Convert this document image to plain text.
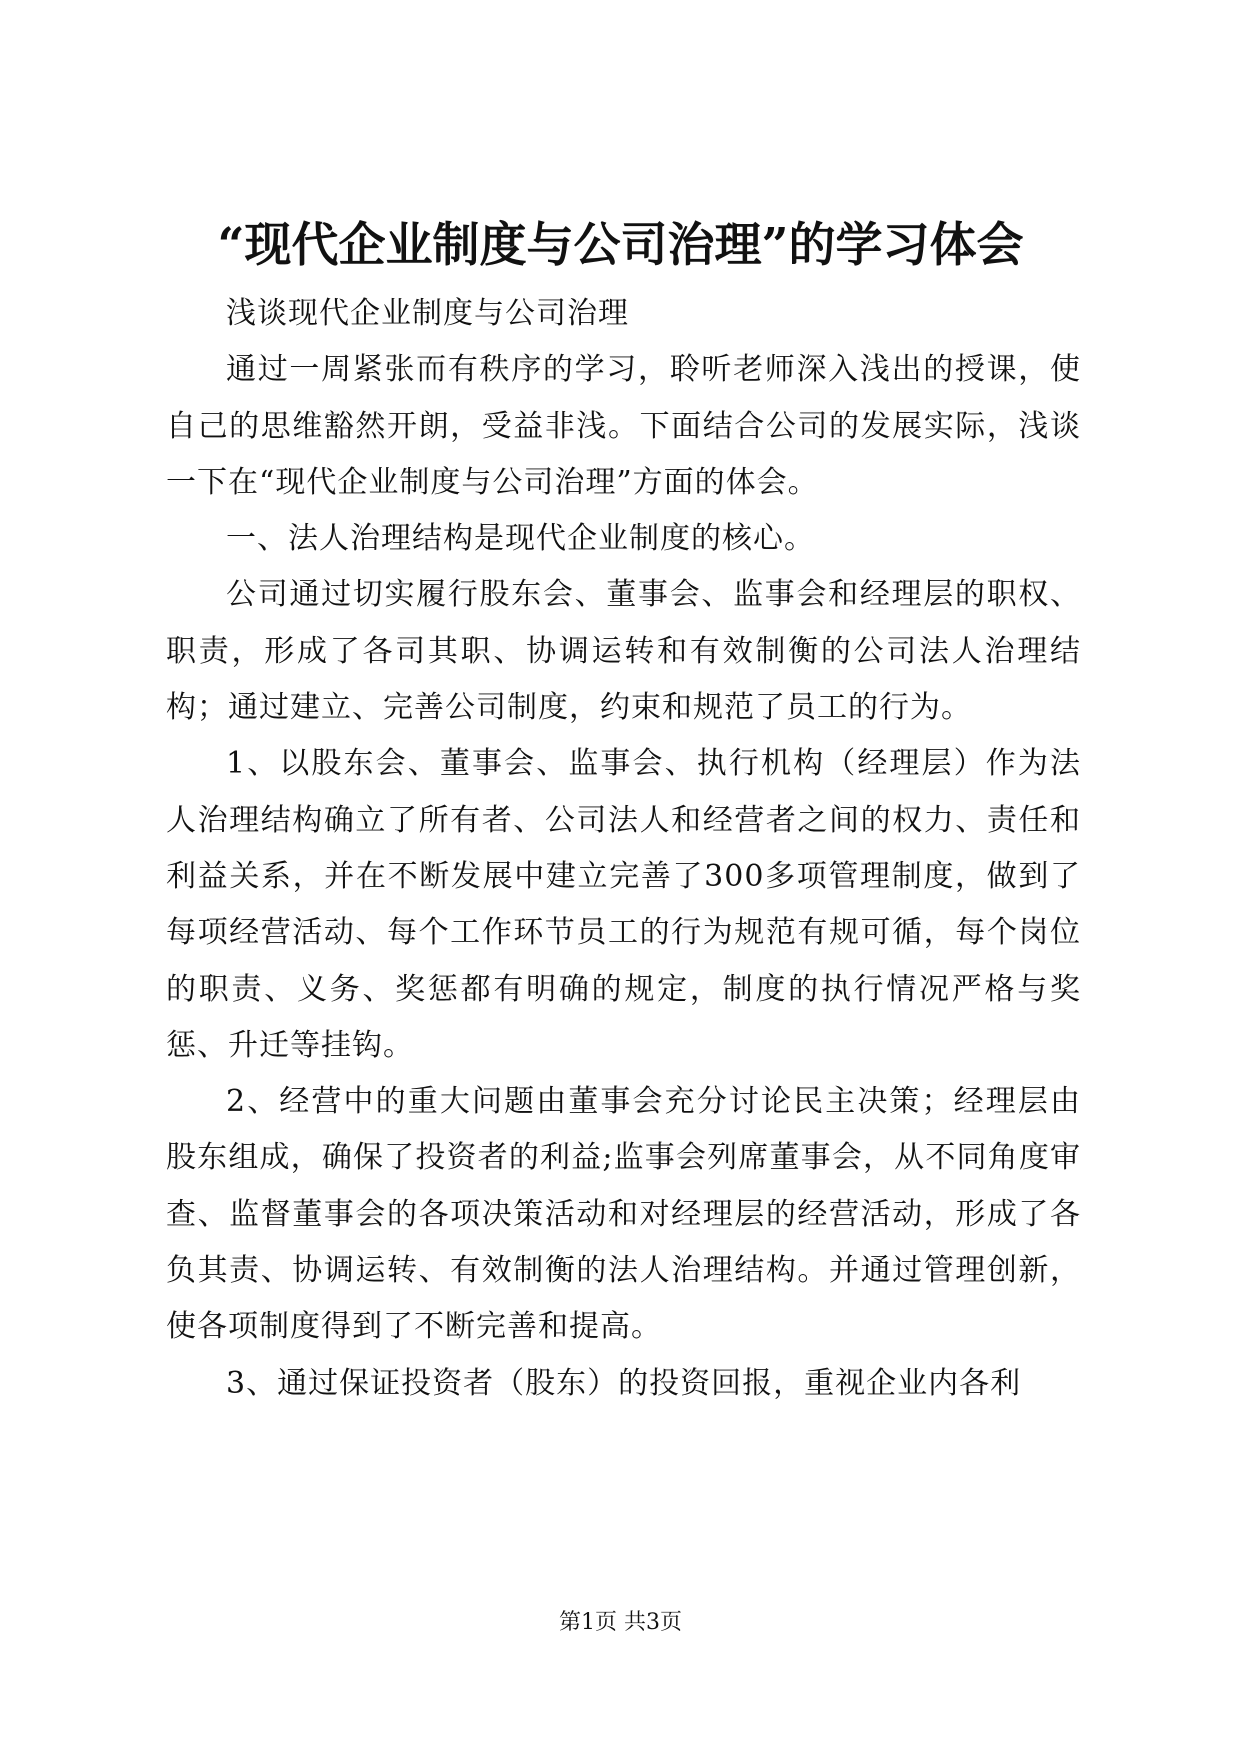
“现代企业制度与公司治理”的学习体会

浅谈现代企业制度与公司治理

通过一周紧张而有秩序的学习，聆听老师深入浅出的授课，使自己的思维豁然开朗，受益非浅。下面结合公司的发展实际，浅谈一下在“现代企业制度与公司治理”方面的体会。

一、法人治理结构是现代企业制度的核心。

公司通过切实履行股东会、董事会、监事会和经理层的职权、职责，形成了各司其职、协调运转和有效制衡的公司法人治理结构；通过建立、完善公司制度，约束和规范了员工的行为。

1、以股东会、董事会、监事会、执行机构（经理层）作为法人治理结构确立了所有者、公司法人和经营者之间的权力、责任和利益关系，并在不断发展中建立完善了300多项管理制度，做到了每项经营活动、每个工作环节员工的行为规范有规可循，每个岗位的职责、义务、奖惩都有明确的规定，制度的执行情况严格与奖惩、升迁等挂钩。

2、经营中的重大问题由董事会充分讨论民主决策；经理层由股东组成，确保了投资者的利益;监事会列席董事会，从不同角度审查、监督董事会的各项决策活动和对经理层的经营活动，形成了各负其责、协调运转、有效制衡的法人治理结构。并通过管理创新，使各项制度得到了不断完善和提高。

3、通过保证投资者（股东）的投资回报，重视企业内各利

第1页 共3页
